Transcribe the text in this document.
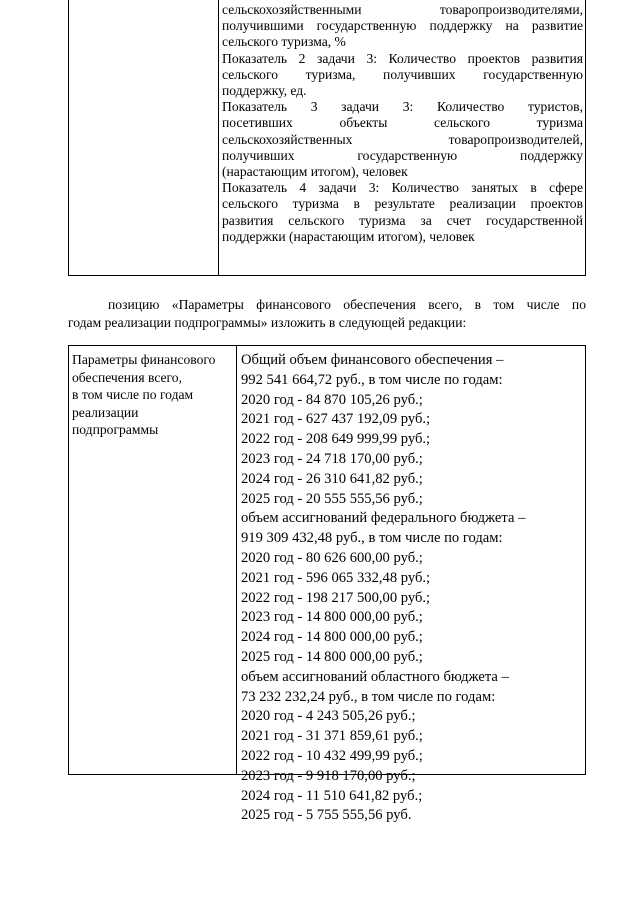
сельскохозяйственными товаропроизводителями,

получившими государственную поддержку на развитие

сельского туризма, %

Показатель 2 задачи 3: Количество проектов развития

сельского туризма, получивших государственную

поддержку, ед.

Показатель 3 задачи 3: Количество туристов,

посетивших объекты сельского туризма

сельскохозяйственных товаропроизводителей,

получивших государственную поддержку

(нарастающим итогом), человек

Показатель 4 задачи 3: Количество занятых в сфере

сельского туризма в результате реализации проектов

развития сельского туризма за счет государственной

поддержки (нарастающим итогом), человек

позицию «Параметры финансового обеспечения всего, в том числе по

годам реализации подпрограммы» изложить в следующей редакции:

Параметры финансового
обеспечения всего,
в том числе по годам
реализации
подпрограммы
Общий объем финансового обеспечения –
992 541 664,72 руб., в том числе по годам:
2020 год - 84 870 105,26 руб.;
2021 год - 627 437 192,09 руб.;
2022 год - 208 649 999,99 руб.;
2023 год - 24 718 170,00 руб.;
2024 год - 26 310 641,82 руб.;
2025 год - 20 555 555,56 руб.;
объем ассигнований федерального бюджета –
919 309 432,48 руб., в том числе по годам:
2020 год - 80 626 600,00 руб.;
2021 год - 596 065 332,48 руб.;
2022 год - 198 217 500,00 руб.;
2023 год - 14 800 000,00 руб.;
2024 год - 14 800 000,00 руб.;
2025 год - 14 800 000,00 руб.;
объем ассигнований областного бюджета –
73 232 232,24 руб., в том числе по годам:
2020 год - 4 243 505,26 руб.;
2021 год - 31 371 859,61 руб.;
2022 год - 10 432 499,99 руб.;
2023 год - 9 918 170,00 руб.;
2024 год - 11 510 641,82 руб.;
2025 год - 5 755 555,56 руб.
